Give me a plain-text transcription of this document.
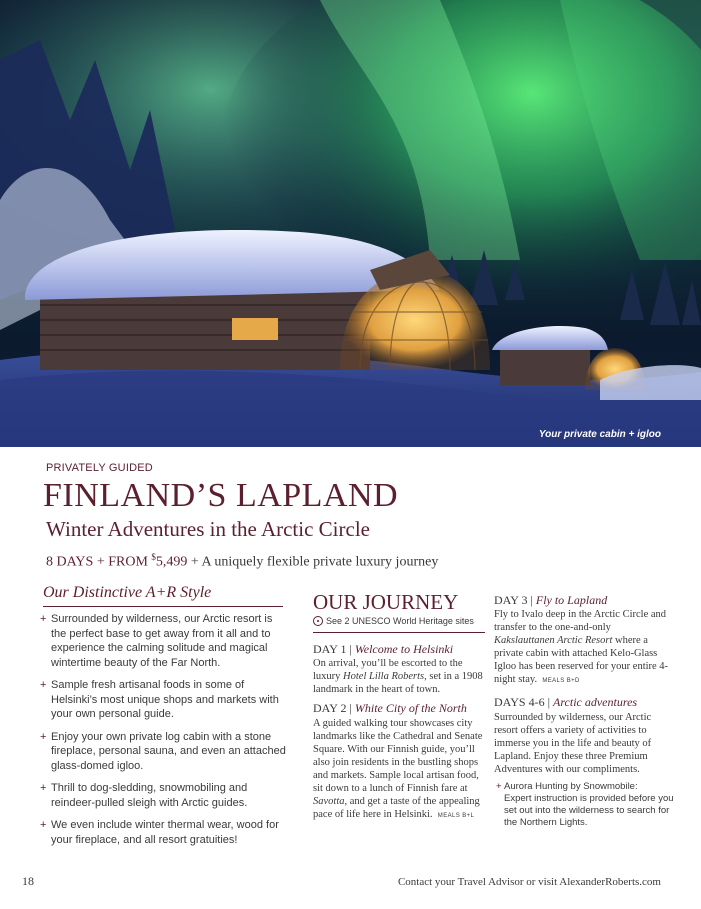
Your private cabin + igloo
PRIVATELY GUIDED
FINLAND’S LAPLAND
Winter Adventures in the Arctic Circle
8 DAYS + FROM $5,499 + A uniquely flexible private luxury journey
Our Distinctive A+R Style
+ Surrounded by wilderness, our Arctic resort is the perfect base to get away from it all and to experience the calming solitude and magical wintertime beauty of the Far North.
+ Sample fresh artisanal foods in some of Helsinki’s most unique shops and markets with your own personal guide.
+ Enjoy your own private log cabin with a stone fireplace, personal sauna, and even an attached glass-domed igloo.
+ Thrill to dog-sledding, snowmobiling and reindeer-pulled sleigh with Arctic guides.
+ We even include winter thermal wear, wood for your fireplace, and all resort gratuities!
OUR JOURNEY
See 2 UNESCO World Heritage sites
DAY 1 | Welcome to Helsinki
On arrival, you’ll be escorted to the luxury Hotel Lilla Roberts, set in a 1908 landmark in the heart of town.
DAY 2 | White City of the North
A guided walking tour showcases city landmarks like the Cathedral and Senate Square. With our Finnish guide, you’ll also join residents in the bustling shops and markets. Sample local artisan food, sit down to a lunch of Finnish fare at Savotta, and get a taste of the appealing pace of life here in Helsinki. MEALS B+L
DAY 3 | Fly to Lapland
Fly to Ivalo deep in the Arctic Circle and transfer to the one-and-only Kakslauttanen Arctic Resort where a private cabin with attached Kelo-Glass Igloo has been reserved for your entire 4-night stay. MEALS B+D
DAYS 4-6 | Arctic adventures
Surrounded by wilderness, our Arctic resort offers a variety of activities to immerse you in the life and beauty of Lapland. Enjoy these three Premium Adventures with our compliments.
+ Aurora Hunting by Snowmobile:
Expert instruction is provided before you set out into the wilderness to search for the Northern Lights.
18	Contact your Travel Advisor or visit AlexanderRoberts.com
